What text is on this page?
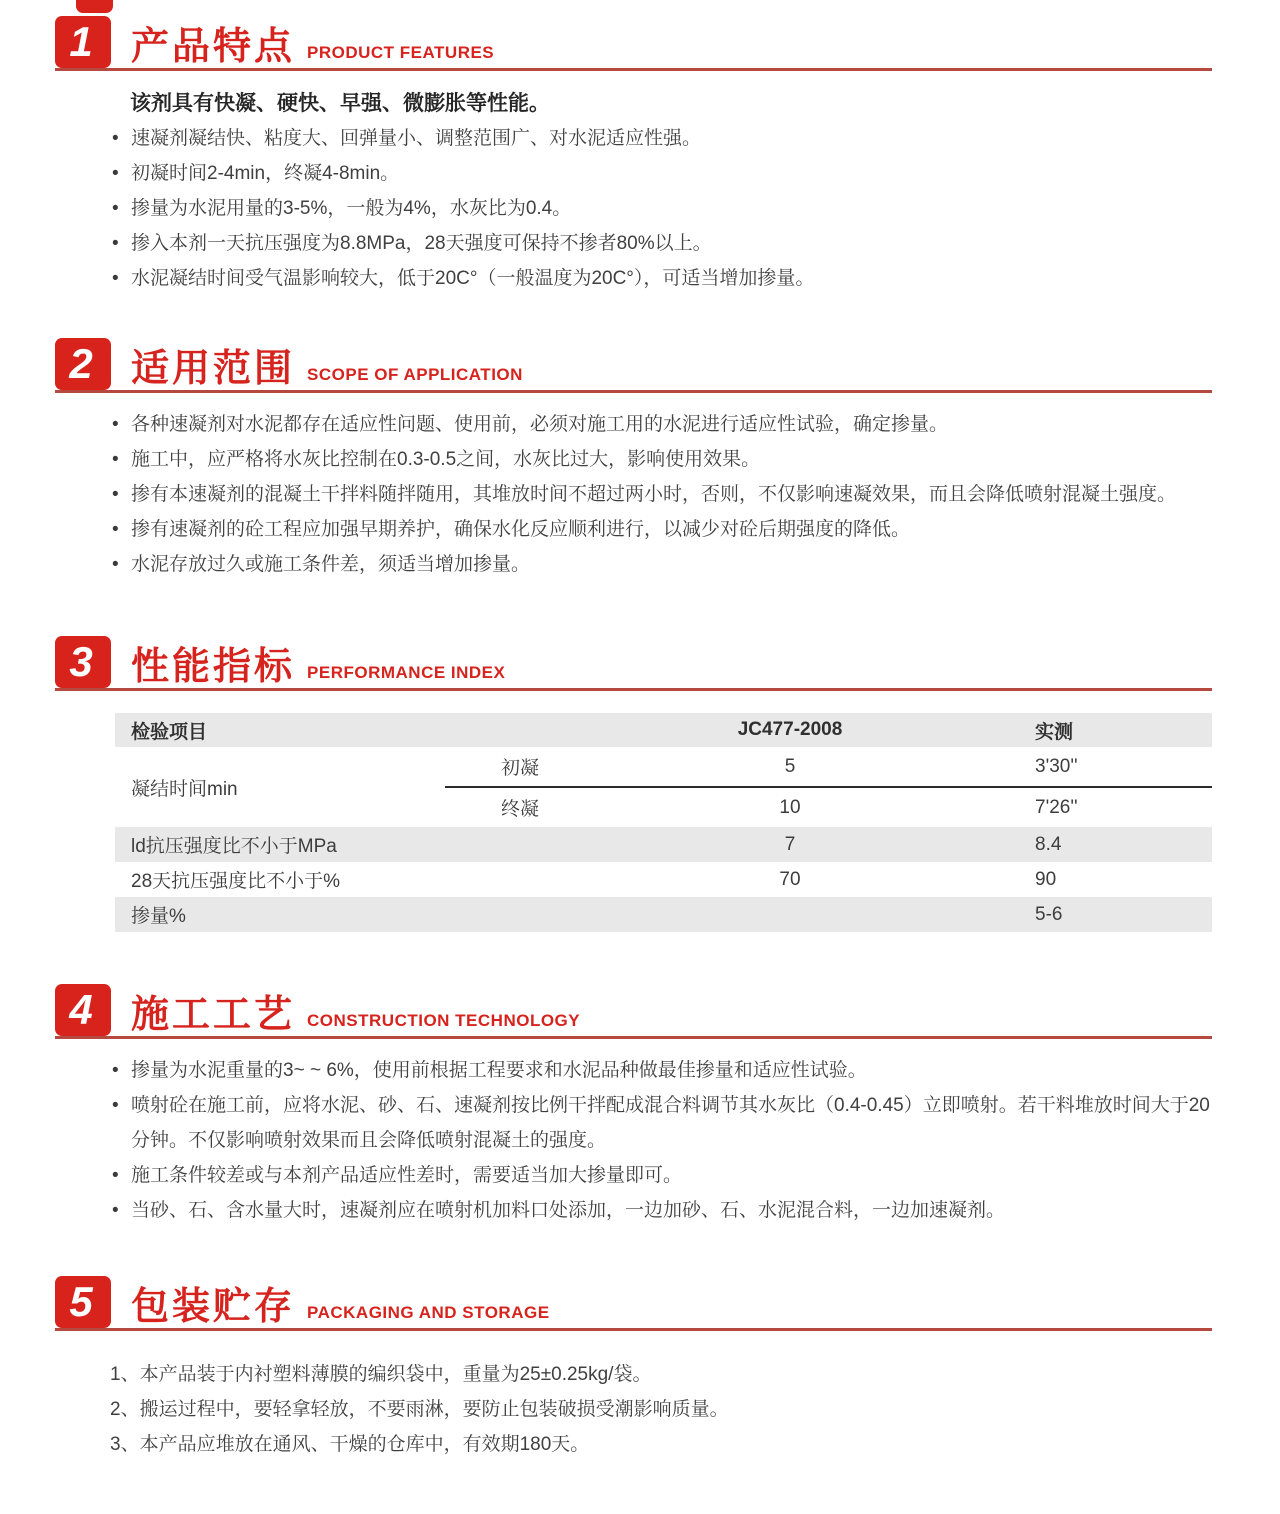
1	产品特点 PRODUCT FEATURES

该剂具有快凝、硬快、早强、微膨胀等性能。

• 速凝剂凝结快、粘度大、回弹量小、调整范围广、对水泥适应性强。
• 初凝时间2-4min，终凝4-8min。
• 掺量为水泥用量的3-5%，一般为4%，水灰比为0.4。
• 掺入本剂一天抗压强度为8.8MPa，28天强度可保持不掺者80%以上。
• 水泥凝结时间受气温影响较大，低于20C°（一般温度为20C°），可适当增加掺量。
2	适用范围 SCOPE OF APPLICATION
• 各种速凝剂对水泥都存在适应性问题、使用前，必须对施工用的水泥进行适应性试验，确定掺量。
• 施工中，应严格将水灰比控制在0.3-0.5之间，水灰比过大，影响使用效果。
• 掺有本速凝剂的混凝土干拌料随拌随用，其堆放时间不超过两小时，否则，不仅影响速凝效果，而且会降低喷射混凝土强度。
• 掺有速凝剂的砼工程应加强早期养护，确保水化反应顺利进行，以减少对砼后期强度的降低。
• 水泥存放过久或施工条件差，须适当增加掺量。
3	性能指标 PERFORMANCE INDEX
检验项目		JC477-2008	实测
凝结时间min	初凝	5	3'30''
	终凝	10	7'26''
ld抗压强度比不小于MPa		7	8.4
28天抗压强度比不小于%		70	90
掺量%			5-6
4	施工工艺 CONSTRUCTION TECHNOLOGY
• 掺量为水泥重量的3~ ~ 6%，使用前根据工程要求和水泥品种做最佳掺量和适应性试验。
• 喷射砼在施工前，应将水泥、砂、石、速凝剂按比例干拌配成混合料调节其水灰比（0.4-0.45）立即喷射。若干料堆放时间大于20分钟。不仅影响喷射效果而且会降低喷射混凝土的强度。
• 施工条件较差或与本剂产品适应性差时，需要适当加大掺量即可。
• 当砂、石、含水量大时，速凝剂应在喷射机加料口处添加，一边加砂、石、水泥混合料，一边加速凝剂。
5	包装贮存 PACKAGING AND STORAGE
1、本产品装于内衬塑料薄膜的编织袋中，重量为25±0.25kg/袋。
2、搬运过程中，要轻拿轻放，不要雨淋，要防止包装破损受潮影响质量。
3、本产品应堆放在通风、干燥的仓库中，有效期180天。
